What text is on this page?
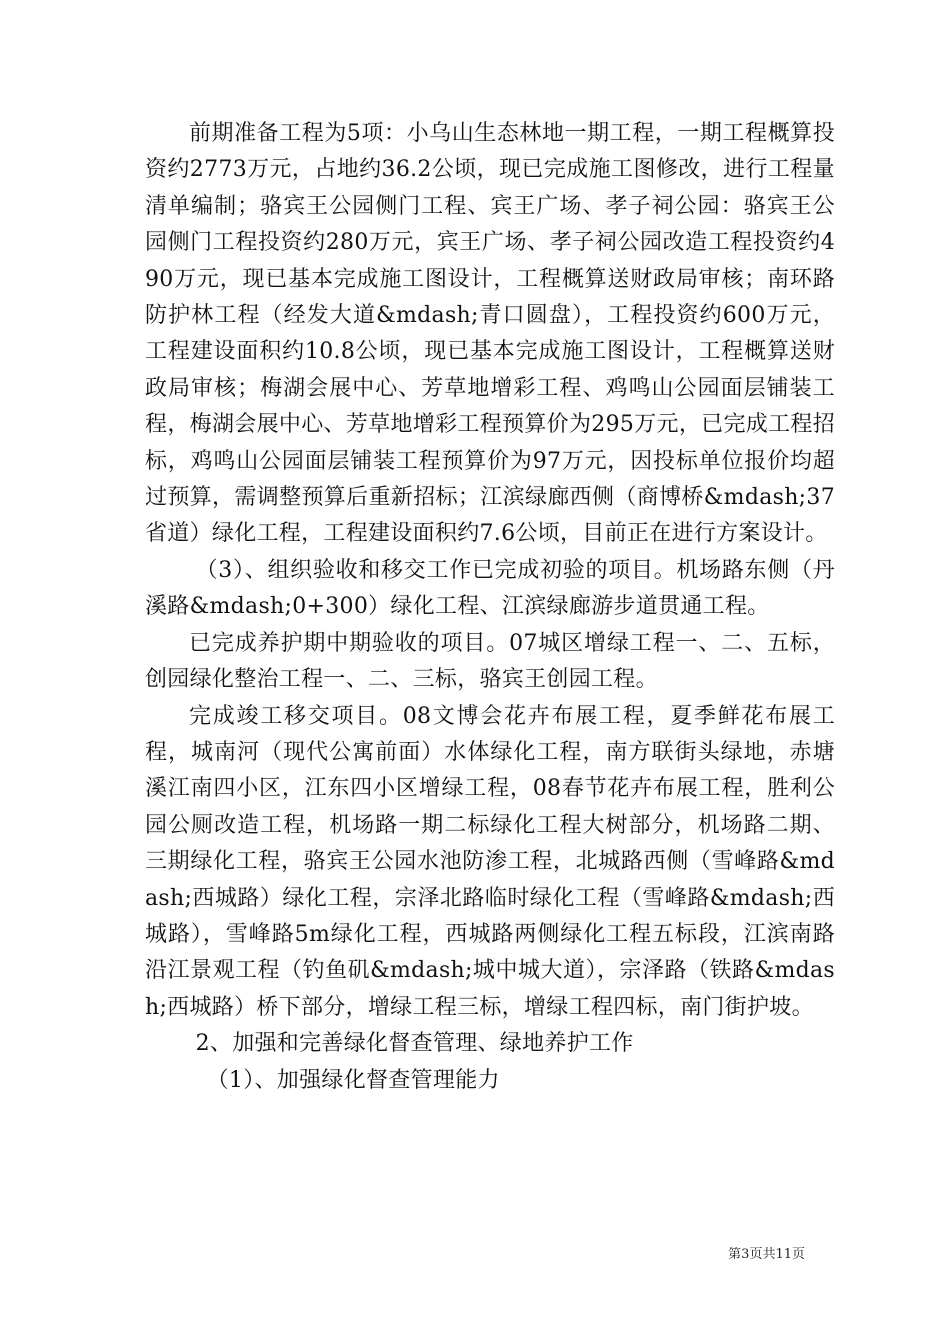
前期准备工程为5项：小乌山生态林地一期工程，一期工程概算投资约2773万元，占地约36.2公顷，现已完成施工图修改，进行工程量清单编制；骆宾王公园侧门工程、宾王广场、孝子祠公园：骆宾王公园侧门工程投资约280万元，宾王广场、孝子祠公园改造工程投资约490万元，现已基本完成施工图设计，工程概算送财政局审核；南环路防护林工程（经发大道&mdash;青口圆盘），工程投资约600万元，工程建设面积约10.8公顷，现已基本完成施工图设计，工程概算送财政局审核；梅湖会展中心、芳草地增彩工程、鸡鸣山公园面层铺装工程，梅湖会展中心、芳草地增彩工程预算价为295万元，已完成工程招标，鸡鸣山公园面层铺装工程预算价为97万元，因投标单位报价均超过预算，需调整预算后重新招标；江滨绿廊西侧（商博桥&mdash;37省道）绿化工程，工程建设面积约7.6公顷，目前正在进行方案设计。

（3）、组织验收和移交工作已完成初验的项目。机场路东侧（丹溪路&mdash;0+300）绿化工程、江滨绿廊游步道贯通工程。

已完成养护期中期验收的项目。07城区增绿工程一、二、五标，创园绿化整治工程一、二、三标，骆宾王创园工程。

完成竣工移交项目。08文博会花卉布展工程，夏季鲜花布展工程，城南河（现代公寓前面）水体绿化工程，南方联街头绿地，赤塘溪江南四小区，江东四小区增绿工程，08春节花卉布展工程，胜利公园公厕改造工程，机场路一期二标绿化工程大树部分，机场路二期、三期绿化工程，骆宾王公园水池防渗工程，北城路西侧（雪峰路&mdash;西城路）绿化工程，宗泽北路临时绿化工程（雪峰路&mdash;西城路），雪峰路5m绿化工程，西城路两侧绿化工程五标段，江滨南路沿江景观工程（钓鱼矶&mdash;城中城大道），宗泽路（铁路&mdash;西城路）桥下部分，增绿工程三标，增绿工程四标，南门街护坡。

2、加强和完善绿化督查管理、绿地养护工作

（1）、加强绿化督查管理能力

第3页共11页
